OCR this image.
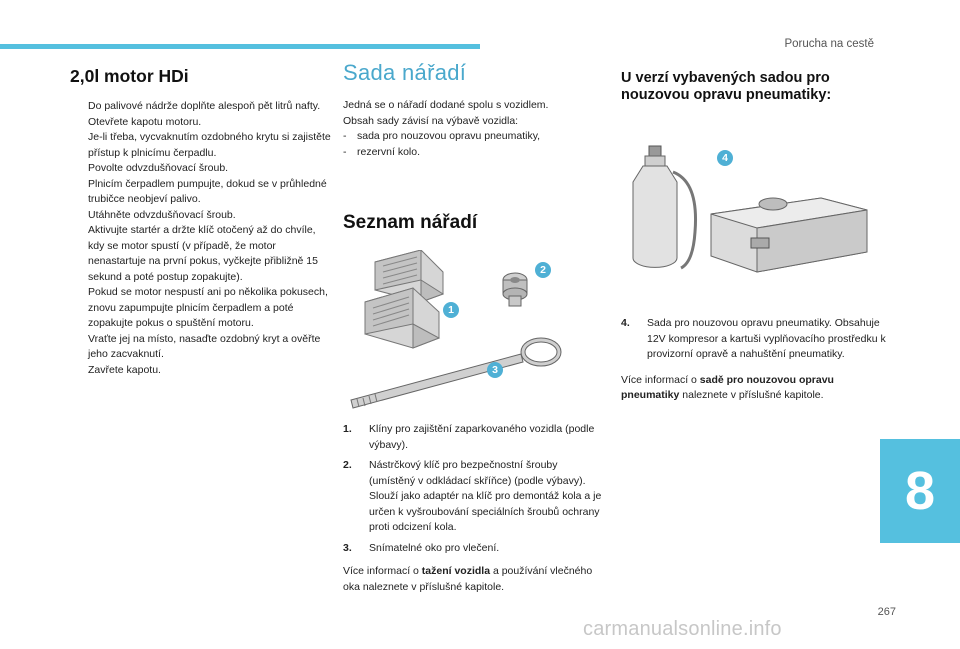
Porucha na cestě
2,0l motor HDi
Do palivové nádrže doplňte alespoň pět litrů nafty.
Otevřete kapotu motoru.
Je-li třeba, vycvaknutím ozdobného krytu si zajistěte přístup k plnicímu čerpadlu.
Povolte odvzdušňovací šroub.
Plnicím čerpadlem pumpujte, dokud se v průhledné trubičce neobjeví palivo.
Utáhněte odvzdušňovací šroub.
Aktivujte startér a držte klíč otočený až do chvíle, kdy se motor spustí (v případě, že motor nenastartuje na první pokus, vyčkejte přibližně 15 sekund a poté postup zopakujte).
Pokud se motor nespustí ani po několika pokusech, znovu zapumpujte plnicím čerpadlem a poté zopakujte pokus o spuštění motoru.
Vraťte jej na místo, nasaďte ozdobný kryt a ověřte jeho zacvaknutí.
Zavřete kapotu.
Sada nářadí

Jedná se o nářadí dodané spolu s vozidlem.

Obsah sady závisí na výbavě vozidla:

- sada pro nouzovou opravu pneumatiky,
- rezervní kolo.
Seznam nářadí
1
2
3
1. Klíny pro zajištění zaparkovaného vozidla (podle výbavy).
2. Nástrčkový klíč pro bezpečnostní šrouby (umístěný v odkládací skříňce) (podle výbavy).
Slouží jako adaptér na klíč pro demontáž kola a je určen k vyšroubování speciálních šroubů ochrany proti odcizení kola.
3. Snímatelné oko pro vlečení.

Více informací o tažení vozidla a používání vlečného oka naleznete v příslušné kapitole.

U verzí vybavených sadou pro nouzovou opravu pneumatiky:
4
4. Sada pro nouzovou opravu pneumatiky. Obsahuje 12V kompresor a kartuši vyplňovacího prostředku k provizorní opravě a nahuštění pneumatiky.

Více informací o sadě pro nouzovou opravu pneumatiky naleznete v příslušné kapitole.

8
267
carmanualsonline.info
